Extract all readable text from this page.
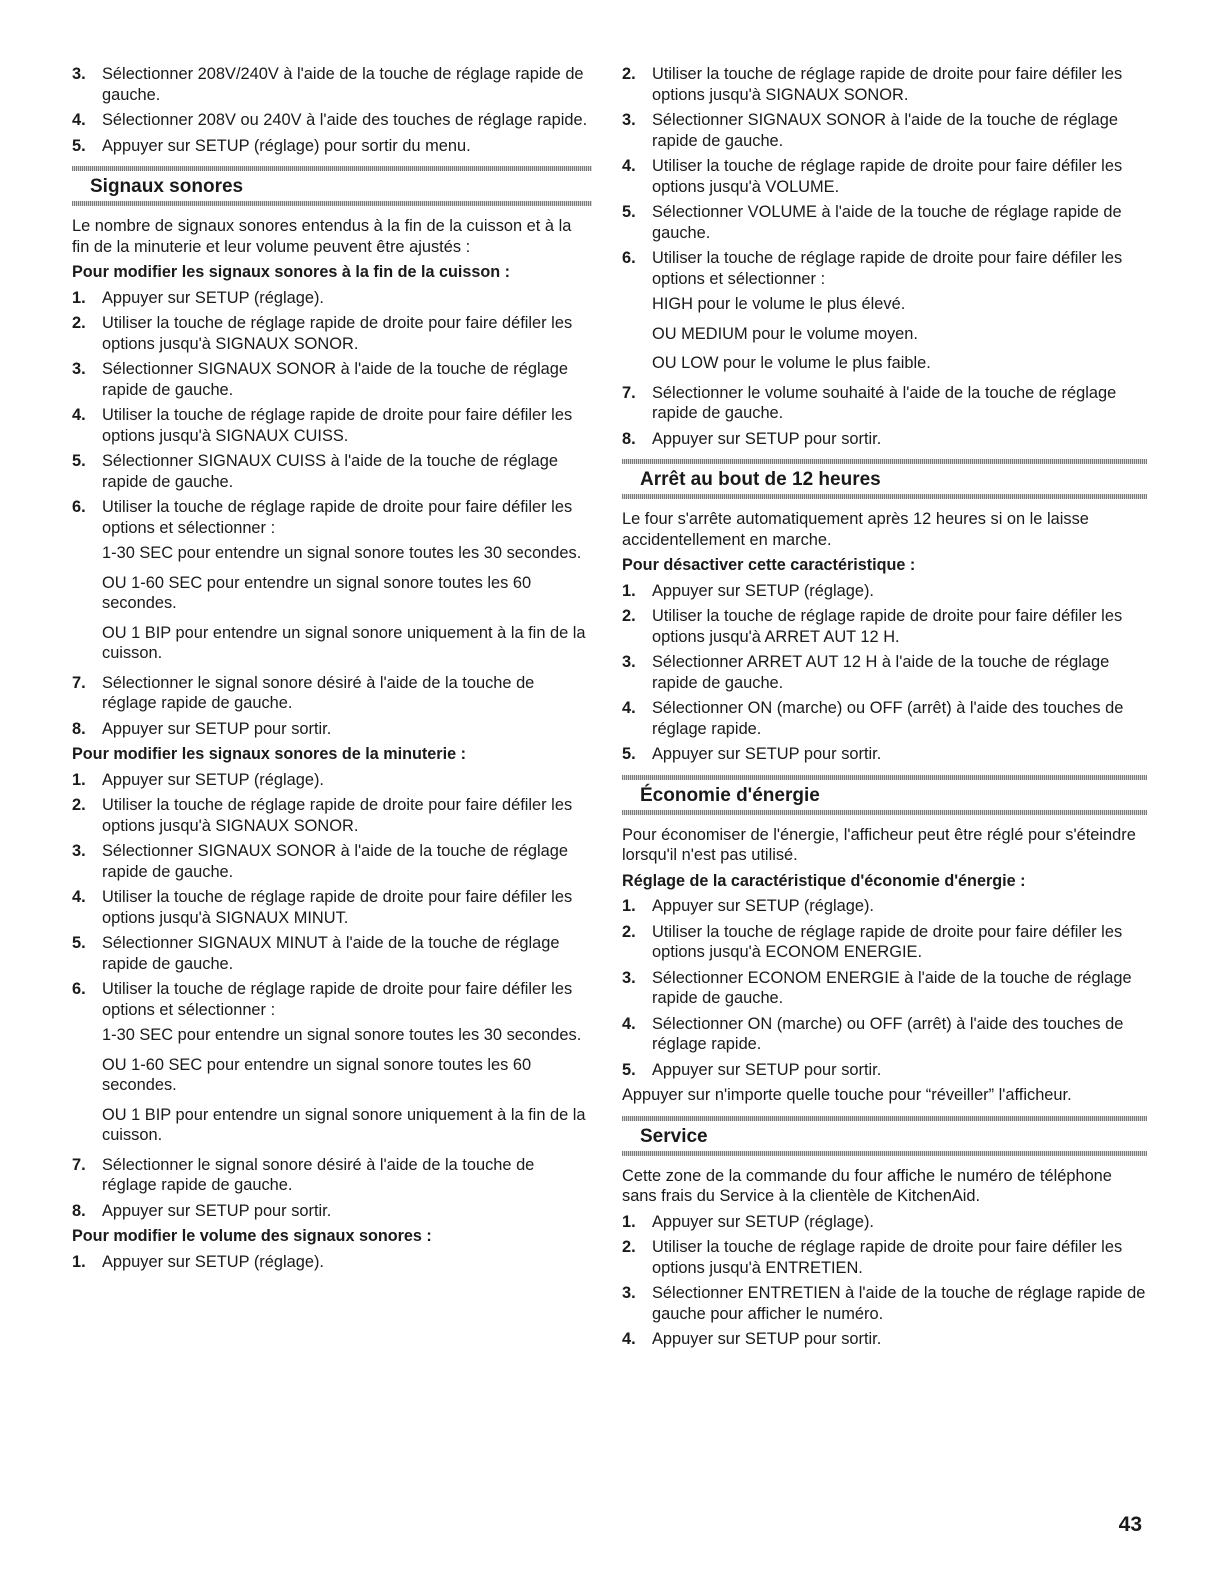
3. Sélectionner 208V/240V à l'aide de la touche de réglage rapide de gauche.
4. Sélectionner 208V ou 240V à l'aide des touches de réglage rapide.
5. Appuyer sur SETUP (réglage) pour sortir du menu.
Signaux sonores
Le nombre de signaux sonores entendus à la fin de la cuisson et à la fin de la minuterie et leur volume peuvent être ajustés :
Pour modifier les signaux sonores à la fin de la cuisson :
1. Appuyer sur SETUP (réglage).
2. Utiliser la touche de réglage rapide de droite pour faire défiler les options jusqu'à SIGNAUX SONOR.
3. Sélectionner SIGNAUX SONOR à l'aide de la touche de réglage rapide de gauche.
4. Utiliser la touche de réglage rapide de droite pour faire défiler les options jusqu'à SIGNAUX CUISS.
5. Sélectionner SIGNAUX CUISS à l'aide de la touche de réglage rapide de gauche.
6. Utiliser la touche de réglage rapide de droite pour faire défiler les options et sélectionner :
1-30 SEC pour entendre un signal sonore toutes les 30 secondes.
OU 1-60 SEC pour entendre un signal sonore toutes les 60 secondes.
OU 1 BIP pour entendre un signal sonore uniquement à la fin de la cuisson.
7. Sélectionner le signal sonore désiré à l'aide de la touche de réglage rapide de gauche.
8. Appuyer sur SETUP pour sortir.
Pour modifier les signaux sonores de la minuterie :
1. Appuyer sur SETUP (réglage).
2. Utiliser la touche de réglage rapide de droite pour faire défiler les options jusqu'à SIGNAUX SONOR.
3. Sélectionner SIGNAUX SONOR à l'aide de la touche de réglage rapide de gauche.
4. Utiliser la touche de réglage rapide de droite pour faire défiler les options jusqu'à SIGNAUX MINUT.
5. Sélectionner SIGNAUX MINUT à l'aide de la touche de réglage rapide de gauche.
6. Utiliser la touche de réglage rapide de droite pour faire défiler les options et sélectionner :
1-30 SEC pour entendre un signal sonore toutes les 30 secondes.
OU 1-60 SEC pour entendre un signal sonore toutes les 60 secondes.
OU 1 BIP pour entendre un signal sonore uniquement à la fin de la cuisson.
7. Sélectionner le signal sonore désiré à l'aide de la touche de réglage rapide de gauche.
8. Appuyer sur SETUP pour sortir.
Pour modifier le volume des signaux sonores :
1. Appuyer sur SETUP (réglage).
2. Utiliser la touche de réglage rapide de droite pour faire défiler les options jusqu'à SIGNAUX SONOR.
3. Sélectionner SIGNAUX SONOR à l'aide de la touche de réglage rapide de gauche.
4. Utiliser la touche de réglage rapide de droite pour faire défiler les options jusqu'à VOLUME.
5. Sélectionner VOLUME à l'aide de la touche de réglage rapide de gauche.
6. Utiliser la touche de réglage rapide de droite pour faire défiler les options et sélectionner :
HIGH pour le volume le plus élevé.
OU MEDIUM pour le volume moyen.
OU LOW pour le volume le plus faible.
7. Sélectionner le volume souhaité à l'aide de la touche de réglage rapide de gauche.
8. Appuyer sur SETUP pour sortir.
Arrêt au bout de 12 heures
Le four s'arrête automatiquement après 12 heures si on le laisse accidentellement en marche.
Pour désactiver cette caractéristique :
1. Appuyer sur SETUP (réglage).
2. Utiliser la touche de réglage rapide de droite pour faire défiler les options jusqu'à ARRET AUT 12 H.
3. Sélectionner ARRET AUT 12 H à l'aide de la touche de réglage rapide de gauche.
4. Sélectionner ON (marche) ou OFF (arrêt) à l'aide des touches de réglage rapide.
5. Appuyer sur SETUP pour sortir.
Économie d'énergie
Pour économiser de l'énergie, l'afficheur peut être réglé pour s'éteindre lorsqu'il n'est pas utilisé.
Réglage de la caractéristique d'économie d'énergie :
1. Appuyer sur SETUP (réglage).
2. Utiliser la touche de réglage rapide de droite pour faire défiler les options jusqu'à ECONOM ENERGIE.
3. Sélectionner ECONOM ENERGIE à l'aide de la touche de réglage rapide de gauche.
4. Sélectionner ON (marche) ou OFF (arrêt) à l'aide des touches de réglage rapide.
5. Appuyer sur SETUP pour sortir.
Appuyer sur n'importe quelle touche pour “réveiller” l'afficheur.
Service
Cette zone de la commande du four affiche le numéro de téléphone sans frais du Service à la clientèle de KitchenAid.
1. Appuyer sur SETUP (réglage).
2. Utiliser la touche de réglage rapide de droite pour faire défiler les options jusqu'à ENTRETIEN.
3. Sélectionner ENTRETIEN à l'aide de la touche de réglage rapide de gauche pour afficher le numéro.
4. Appuyer sur SETUP pour sortir.
43
